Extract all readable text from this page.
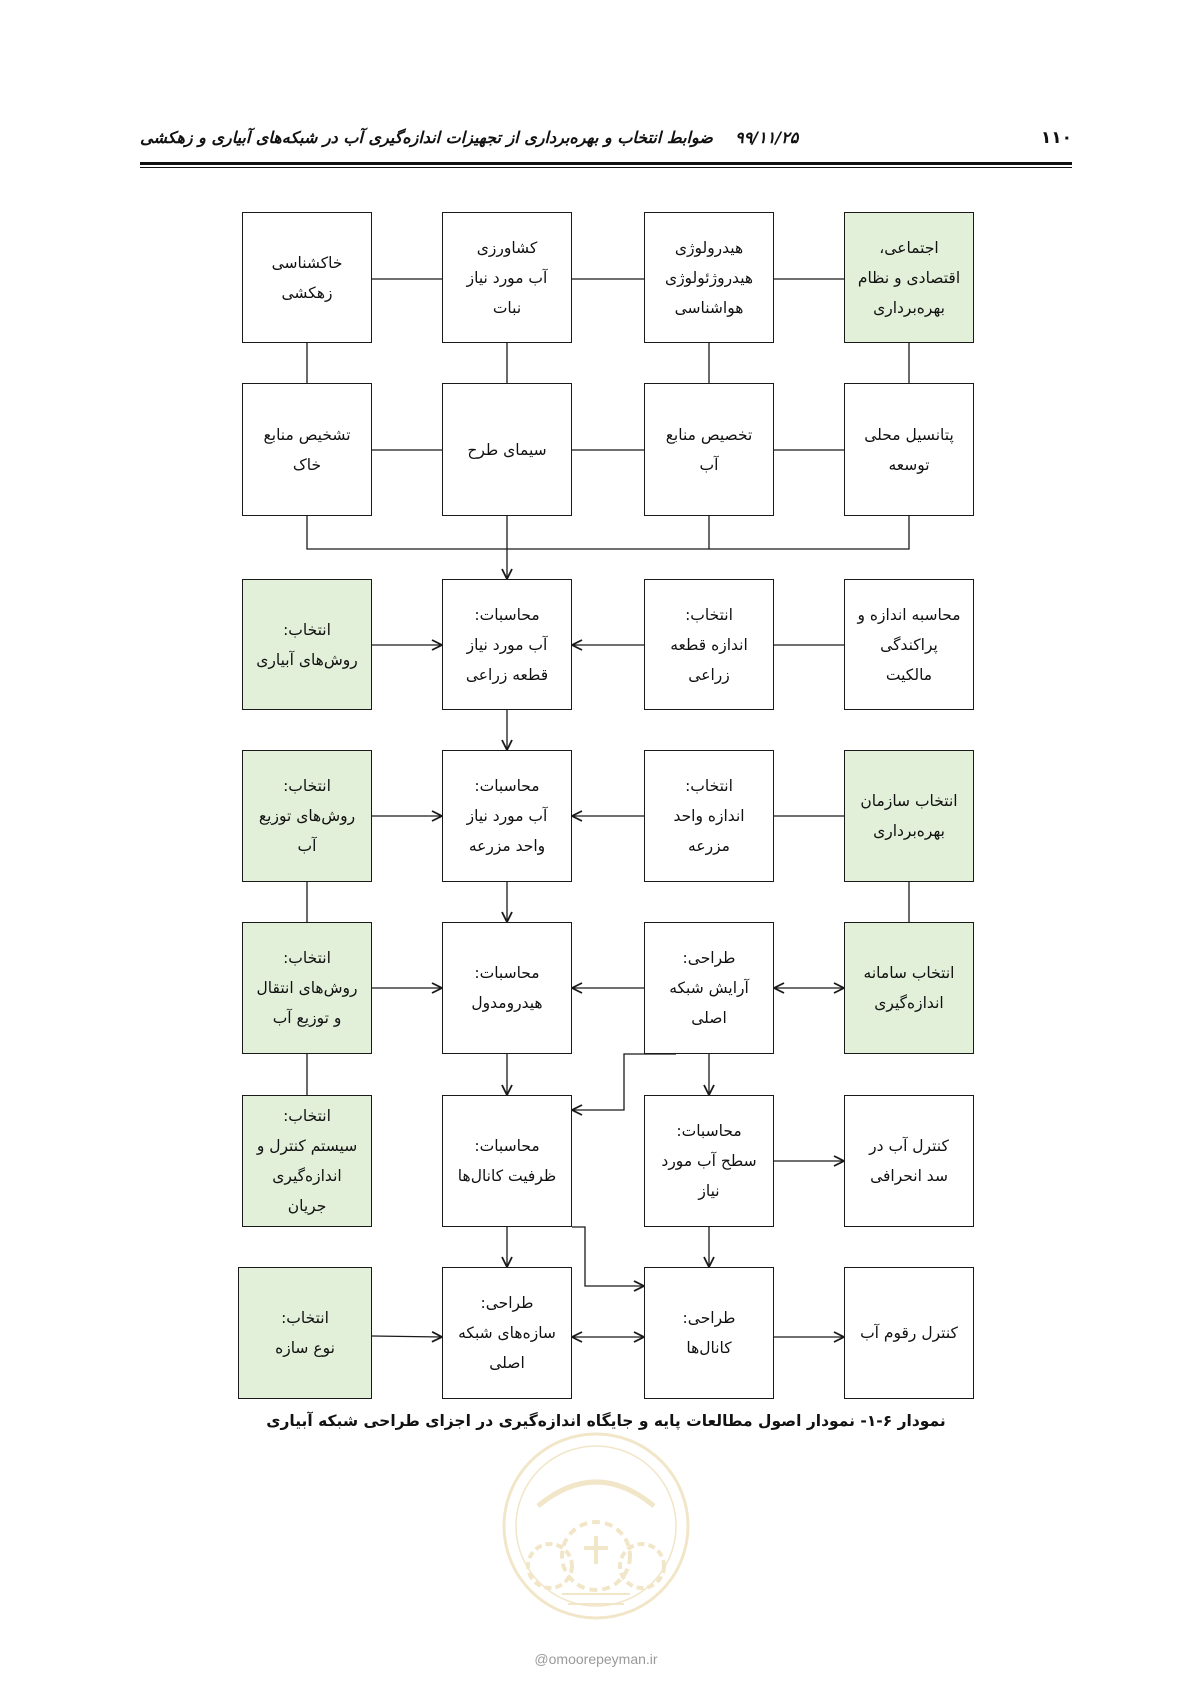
۱۱۰
۹۹/۱۱/۲۵    ضوابط انتخاب و بهره‌برداری از تجهیزات اندازه‌گیری آب در شبکه‌های آبیاری و زهکشی
اجتماعی،
اقتصادی و نظام
بهره‌برداری
هیدرولوژی
هیدروژئولوژی
هواشناسی
کشاورزی
آب مورد نیاز
نبات
خاکشناسی
زهکشی
پتانسیل محلی
توسعه
تخصیص منابع
آب
سیمای طرح
تشخیص منابع
خاک
محاسبه اندازه و
پراکندگی
مالکیت
انتخاب:
اندازه قطعه
زراعی
محاسبات:
آب مورد نیاز
قطعه زراعی
انتخاب:
روش‌های آبیاری
انتخاب سازمان
بهره‌برداری
انتخاب:
اندازه واحد
مزرعه
محاسبات:
آب مورد نیاز
واحد مزرعه
انتخاب:
روش‌های توزیع
آب
انتخاب سامانه
اندازه‌گیری
طراحی:
آرایش شبکه
اصلی
محاسبات:
هیدرومدول
انتخاب:
روش‌های انتقال
و توزیع آب
کنترل آب در
سد انحرافی
محاسبات:
سطح آب مورد
نیاز
محاسبات:
ظرفیت کانال‌ها
انتخاب:
سیستم کنترل و
اندازه‌گیری
جریان
کنترل رقوم آب
طراحی:
کانال‌ها
طراحی:
سازه‌های شبکه
اصلی
انتخاب:
نوع سازه
نمودار ۶-۱- نمودار اصول مطالعات پایه و جایگاه اندازه‌گیری در اجزای طراحی شبکه آبیاری
@omoorepeyman.ir
